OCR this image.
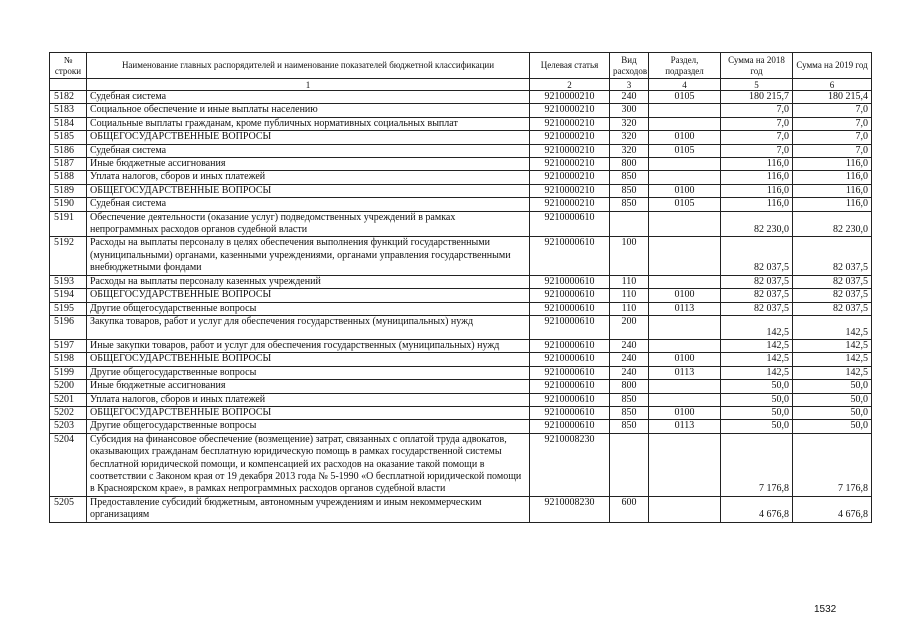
№ строки	Наименование главных распорядителей и наименование показателей бюджетной классификации	Целевая статья	Вид расходов	Раздел, подраздел	Сумма на 2018 год	Сумма на 2019 год
	1	2	3	4	5	6
5182	Судебная система	9210000210	240	0105	180 215,7	180 215,4
5183	Социальное обеспечение и иные выплаты населению	9210000210	300		7,0	7,0
5184	Социальные выплаты гражданам, кроме публичных нормативных социальных выплат	9210000210	320		7,0	7,0
5185	ОБЩЕГОСУДАРСТВЕННЫЕ ВОПРОСЫ	9210000210	320	0100	7,0	7,0
5186	Судебная система	9210000210	320	0105	7,0	7,0
5187	Иные бюджетные ассигнования	9210000210	800		116,0	116,0
5188	Уплата налогов, сборов и иных платежей	9210000210	850		116,0	116,0
5189	ОБЩЕГОСУДАРСТВЕННЫЕ ВОПРОСЫ	9210000210	850	0100	116,0	116,0
5190	Судебная система	9210000210	850	0105	116,0	116,0
5191	Обеспечение деятельности (оказание услуг) подведомственных учреждений в рамках непрограммных расходов органов судебной власти	9210000610			82 230,0	82 230,0
5192	Расходы на выплаты персоналу в целях обеспечения выполнения функций государственными (муниципальными) органами, казенными учреждениями, органами управления государственными внебюджетными фондами	9210000610	100		82 037,5	82 037,5
5193	Расходы на выплаты персоналу казенных учреждений	9210000610	110		82 037,5	82 037,5
5194	ОБЩЕГОСУДАРСТВЕННЫЕ ВОПРОСЫ	9210000610	110	0100	82 037,5	82 037,5
5195	Другие общегосударственные вопросы	9210000610	110	0113	82 037,5	82 037,5
5196	Закупка товаров, работ и услуг для обеспечения государственных (муниципальных) нужд	9210000610	200		142,5	142,5
5197	Иные закупки товаров, работ и услуг для обеспечения государственных (муниципальных) нужд	9210000610	240		142,5	142,5
5198	ОБЩЕГОСУДАРСТВЕННЫЕ ВОПРОСЫ	9210000610	240	0100	142,5	142,5
5199	Другие общегосударственные вопросы	9210000610	240	0113	142,5	142,5
5200	Иные бюджетные ассигнования	9210000610	800		50,0	50,0
5201	Уплата налогов, сборов и иных платежей	9210000610	850		50,0	50,0
5202	ОБЩЕГОСУДАРСТВЕННЫЕ ВОПРОСЫ	9210000610	850	0100	50,0	50,0
5203	Другие общегосударственные вопросы	9210000610	850	0113	50,0	50,0
5204	Субсидия на финансовое обеспечение (возмещение) затрат, связанных с оплатой труда адвокатов, оказывающих гражданам бесплатную юридическую помощь в рамках государственной системы бесплатной юридической помощи, и компенсацией их расходов на оказание такой помощи в соответствии с Законом края от 19 декабря 2013 года № 5-1990 «О бесплатной юридической помощи в Красноярском крае», в рамках непрограммных расходов органов судебной власти	9210008230			7 176,8	7 176,8
5205	Предоставление субсидий бюджетным, автономным учреждениям и иным некоммерческим организациям	9210008230	600		4 676,8	4 676,8
1532
